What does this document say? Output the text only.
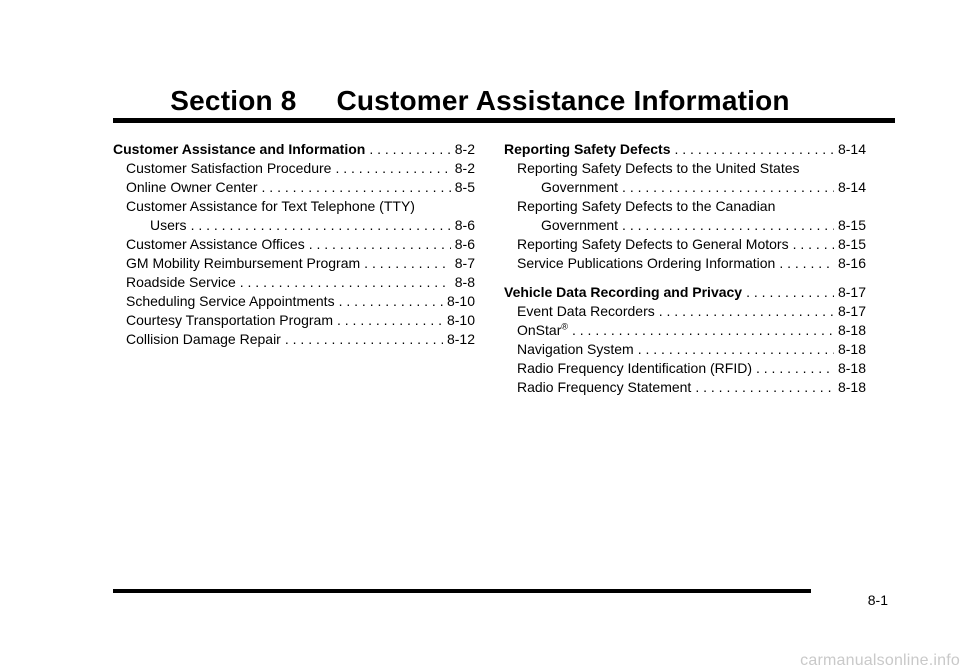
Section 8     Customer Assistance Information
Customer Assistance and Information . . .	8-2
Customer Satisfaction Procedure . . .	8-2
Online Owner Center . . .	8-5
Customer Assistance for Text Telephone (TTY)
Users . . .	8-6
Customer Assistance Offices . . .	8-6
GM Mobility Reimbursement Program . . .	8-7
Roadside Service . . .	8-8
Scheduling Service Appointments . . .	8-10
Courtesy Transportation Program . . .	8-10
Collision Damage Repair . . .	8-12
Reporting Safety Defects . . .	8-14
Reporting Safety Defects to the United States
Government . . .	8-14
Reporting Safety Defects to the Canadian
Government . . .	8-15
Reporting Safety Defects to General Motors . . .	8-15
Service Publications Ordering Information . . .	8-16
Vehicle Data Recording and Privacy . . .	8-17
Event Data Recorders . . .	8-17
OnStar® . . .	8-18
Navigation System . . .	8-18
Radio Frequency Identification (RFID) . . .	8-18
Radio Frequency Statement . . .	8-18
8-1
carmanualsonline.info
